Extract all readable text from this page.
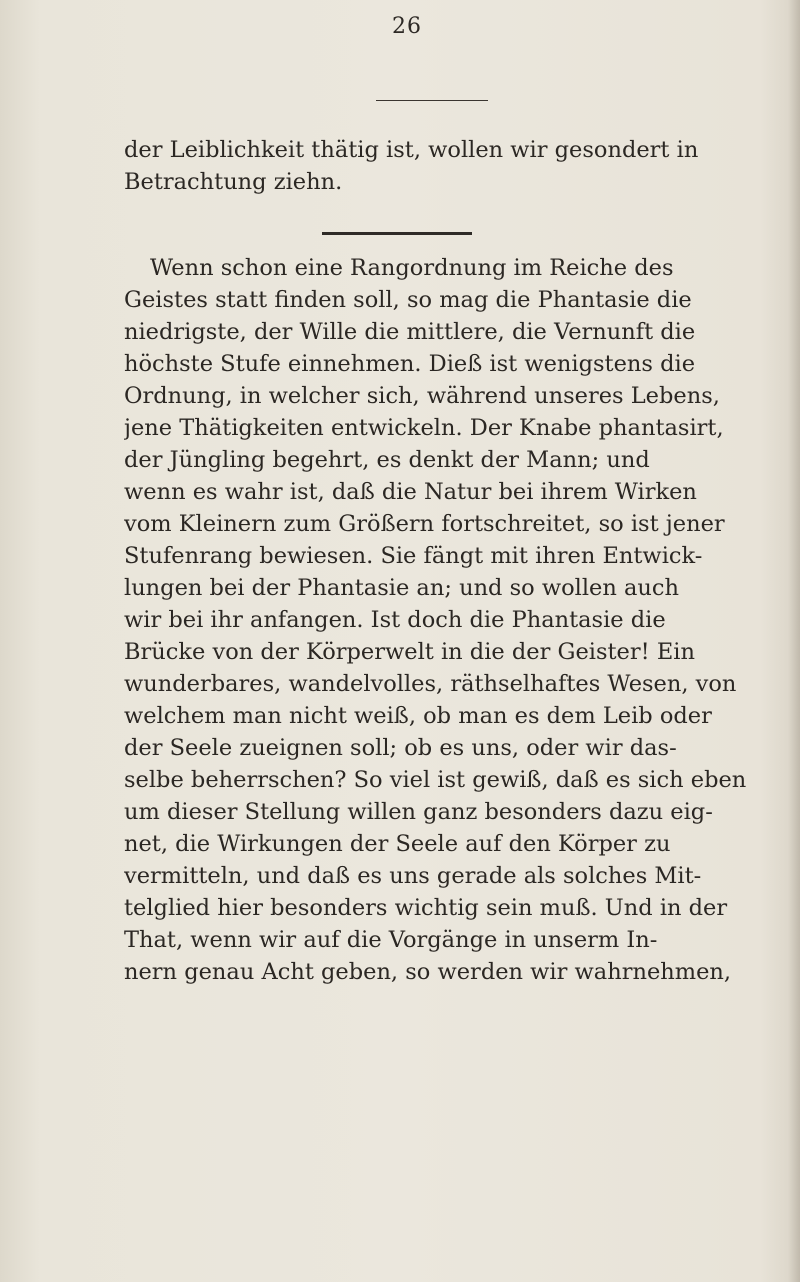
26
der Leiblichkeit thätig ist, wollen wir gesondert in
Betrachtung ziehn.
Wenn schon eine Rangordnung im Reiche des
Geistes statt finden soll, so mag die Phantasie die
niedrigste, der Wille die mittlere, die Vernunft die
höchste Stufe einnehmen. Dieß ist wenigstens die
Ordnung, in welcher sich, während unseres Lebens,
jene Thätigkeiten entwickeln. Der Knabe phantasirt,
der Jüngling begehrt, es denkt der Mann; und
wenn es wahr ist, daß die Natur bei ihrem Wirken
vom Kleinern zum Größern fortschreitet, so ist jener
Stufenrang bewiesen. Sie fängt mit ihren Entwick-
lungen bei der Phantasie an; und so wollen auch
wir bei ihr anfangen. Ist doch die Phantasie die
Brücke von der Körperwelt in die der Geister! Ein
wunderbares, wandelvolles, räthselhaftes Wesen, von
welchem man nicht weiß, ob man es dem Leib oder
der Seele zueignen soll; ob es uns, oder wir das-
selbe beherrschen? So viel ist gewiß, daß es sich eben
um dieser Stellung willen ganz besonders dazu eig-
net, die Wirkungen der Seele auf den Körper zu
vermitteln, und daß es uns gerade als solches Mit-
telglied hier besonders wichtig sein muß. Und in der
That, wenn wir auf die Vorgänge in unserm In-
nern genau Acht geben, so werden wir wahrnehmen,
